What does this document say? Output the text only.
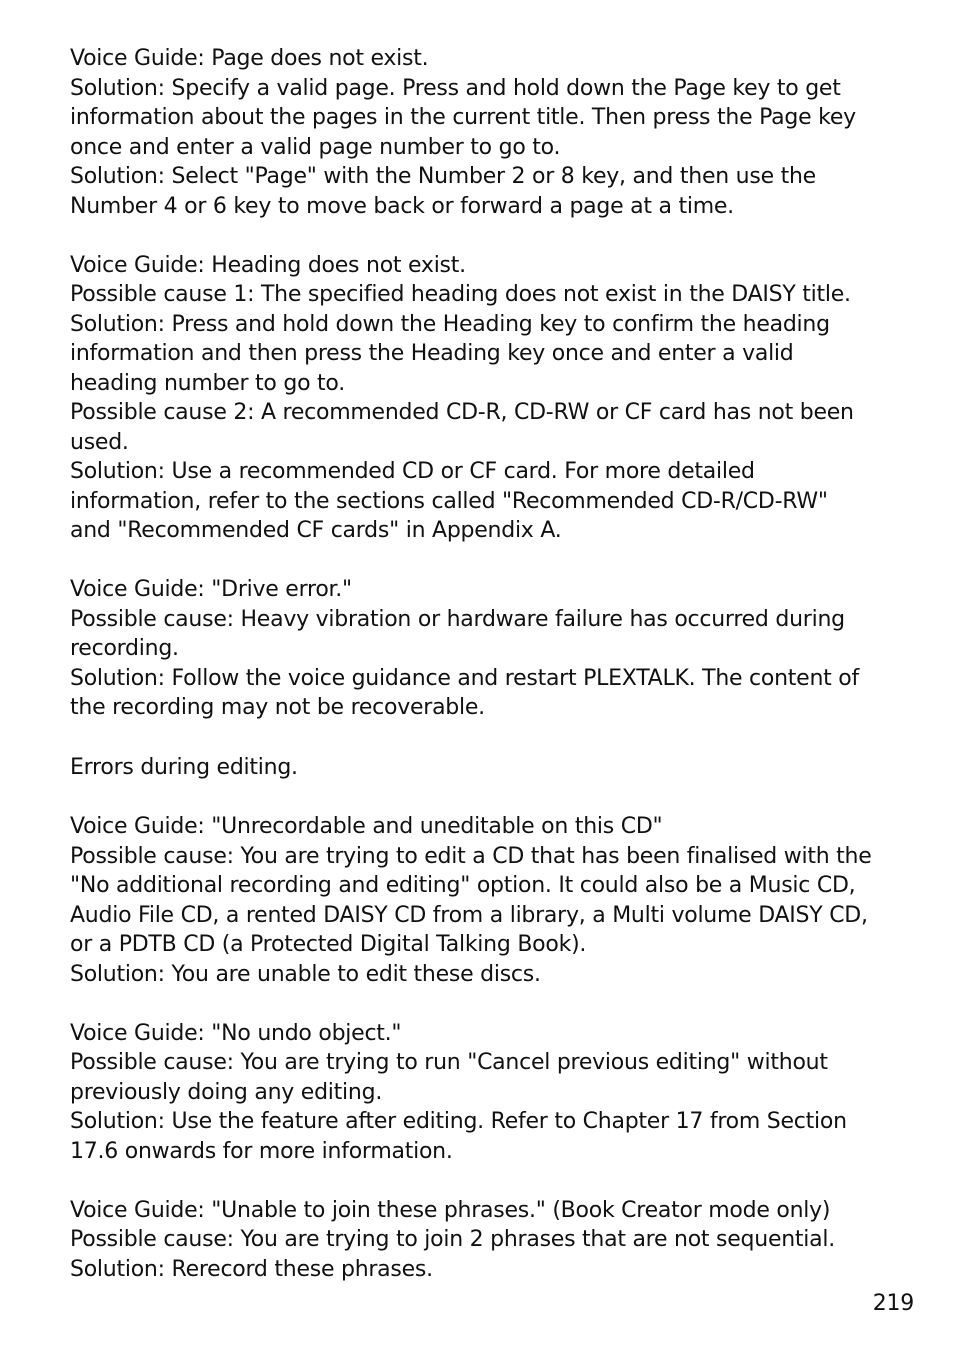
Voice Guide: Page does not exist.
Solution: Specify a valid page. Press and hold down the Page key to get
information about the pages in the current title. Then press the Page key
once and enter a valid page number to go to.
Solution: Select "Page" with the Number 2 or 8 key, and then use the
Number 4 or 6 key to move back or forward a page at a time.
Voice Guide: Heading does not exist.
Possible cause 1: The specified heading does not exist in the DAISY title.
Solution: Press and hold down the Heading key to confirm the heading
information and then press the Heading key once and enter a valid
heading number to go to.
Possible cause 2: A recommended CD-R, CD-RW or CF card has not been
used.
Solution: Use a recommended CD or CF card. For more detailed
information, refer to the sections called "Recommended CD-R/CD-RW"
and "Recommended CF cards" in Appendix A.
Voice Guide: "Drive error."
Possible cause: Heavy vibration or hardware failure has occurred during
recording.
Solution: Follow the voice guidance and restart PLEXTALK. The content of
the recording may not be recoverable.
Errors during editing.
Voice Guide: "Unrecordable and uneditable on this CD"
Possible cause: You are trying to edit a CD that has been finalised with the
"No additional recording and editing" option. It could also be a Music CD,
Audio File CD, a rented DAISY CD from a library, a Multi volume DAISY CD,
or a PDTB CD (a Protected Digital Talking Book).
Solution: You are unable to edit these discs.
Voice Guide: "No undo object."
Possible cause: You are trying to run "Cancel previous editing" without
previously doing any editing.
Solution: Use the feature after editing. Refer to Chapter 17 from Section
17.6 onwards for more information.
Voice Guide: "Unable to join these phrases." (Book Creator mode only)
Possible cause: You are trying to join 2 phrases that are not sequential.
Solution: Rerecord these phrases.
219
